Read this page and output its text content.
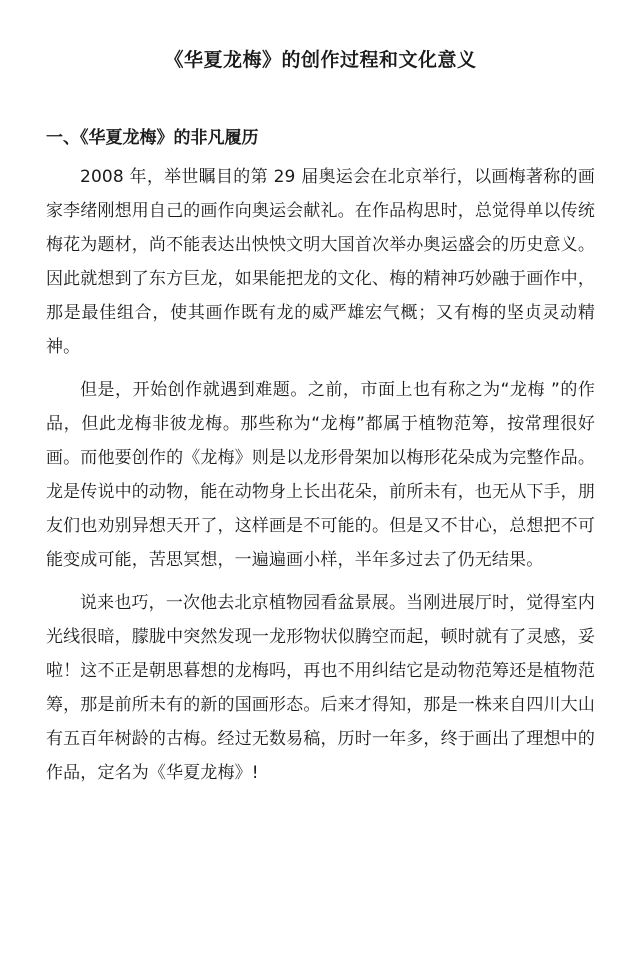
《华夏龙梅》的创作过程和文化意义
一、《华夏龙梅》的非凡履历

2008 年，举世瞩目的第 29 届奥运会在北京举行，以画梅著称的画家李绪刚想用自己的画作向奥运会献礼。在作品构思时，总觉得单以传统梅花为题材，尚不能表达出怏怏文明大国首次举办奥运盛会的历史意义。因此就想到了东方巨龙，如果能把龙的文化、梅的精神巧妙融于画作中，那是最佳组合，使其画作既有龙的威严雄宏气概；又有梅的坚贞灵动精神。

但是，开始创作就遇到难题。之前，市面上也有称之为“龙梅 ”的作品，但此龙梅非彼龙梅。那些称为“龙梅”都属于植物范筹，按常理很好画。而他要创作的《龙梅》则是以龙形骨架加以梅形花朵成为完整作品。龙是传说中的动物，能在动物身上长出花朵，前所未有，也无从下手，朋友们也劝别异想天开了，这样画是不可能的。但是又不甘心，总想把不可能变成可能，苦思冥想，一遍遍画小样，半年多过去了仍无结果。

说来也巧，一次他去北京植物园看盆景展。当刚进展厅时，觉得室内光线很暗，朦胧中突然发现一龙形物状似腾空而起，顿时就有了灵感，妥啦！这不正是朝思暮想的龙梅吗，再也不用纠结它是动物范筹还是植物范筹，那是前所未有的新的国画形态。后来才得知，那是一株来自四川大山有五百年树龄的古梅。经过无数易稿，历时一年多，终于画出了理想中的作品，定名为《华夏龙梅》!
